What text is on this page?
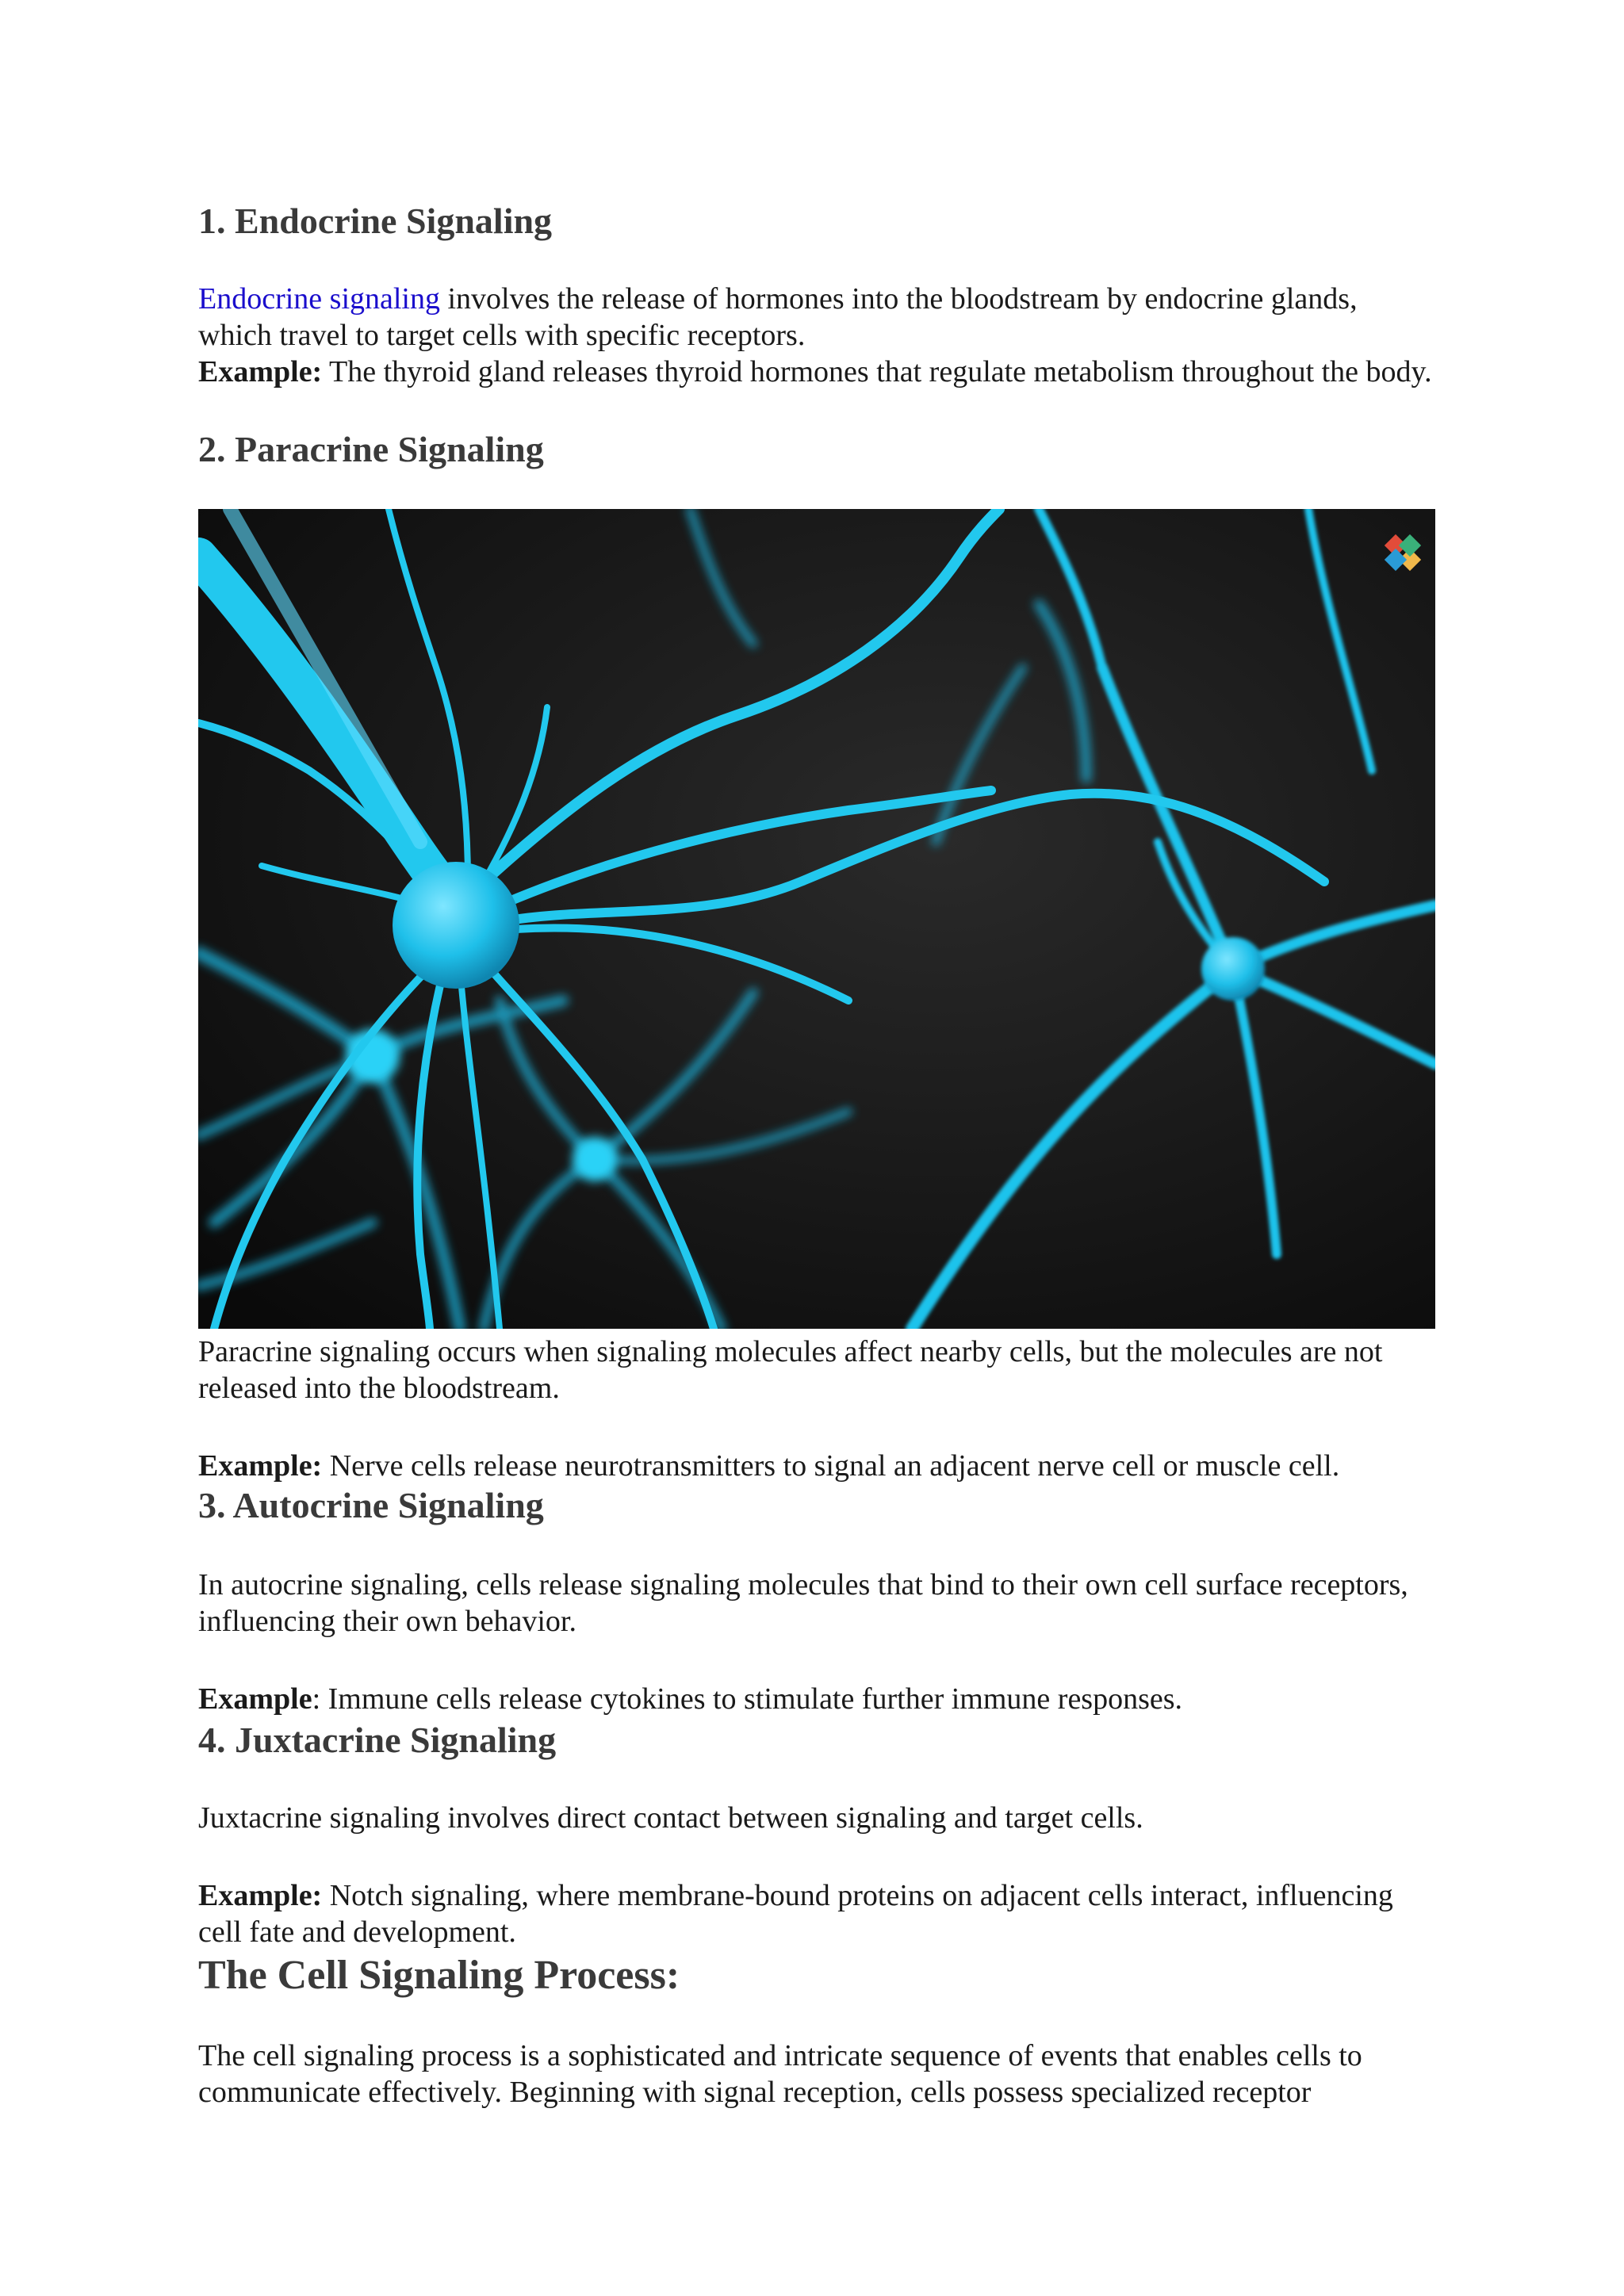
1. Endocrine Signaling

Endocrine signaling involves the release of hormones into the bloodstream by endocrine glands, which travel to target cells with specific receptors.

Example: The thyroid gland releases thyroid hormones that regulate metabolism throughout the body.

2. Paracrine Signaling

Paracrine signaling occurs when signaling molecules affect nearby cells, but the molecules are not released into the bloodstream.

Example: Nerve cells release neurotransmitters to signal an adjacent nerve cell or muscle cell.

3. Autocrine Signaling

In autocrine signaling, cells release signaling molecules that bind to their own cell surface receptors, influencing their own behavior.

Example: Immune cells release cytokines to stimulate further immune responses.

4. Juxtacrine Signaling

Juxtacrine signaling involves direct contact between signaling and target cells.

Example: Notch signaling, where membrane-bound proteins on adjacent cells interact, influencing cell fate and development.

The Cell Signaling Process:

The cell signaling process is a sophisticated and intricate sequence of events that enables cells to communicate effectively. Beginning with signal reception, cells possess specialized receptor
